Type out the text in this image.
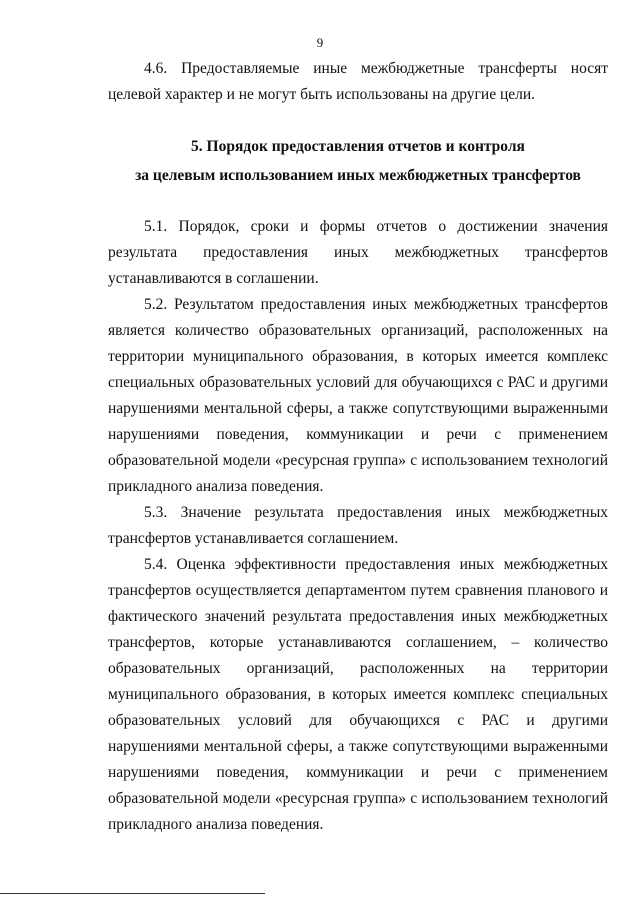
9

4.6. Предоставляемые иные межбюджетные трансферты носят целевой характер и не могут быть использованы на другие цели.

5. Порядок предоставления отчетов и контроля
за целевым использованием иных межбюджетных трансфертов

5.1. Порядок, сроки и формы отчетов о достижении значения результата предоставления иных межбюджетных трансфертов устанавливаются в соглашении.

5.2. Результатом предоставления иных межбюджетных трансфертов является количество образовательных организаций, расположенных на территории муниципального образования, в которых имеется комплекс специальных образовательных условий для обучающихся с РАС и другими нарушениями ментальной сферы, а также сопутствующими выраженными нарушениями поведения, коммуникации и речи с применением образовательной модели «ресурсная группа» с использованием технологий прикладного анализа поведения.

5.3. Значение результата предоставления иных межбюджетных трансфертов устанавливается соглашением.

5.4. Оценка эффективности предоставления иных межбюджетных трансфертов осуществляется департаментом путем сравнения планового и фактического значений результата предоставления иных межбюджетных трансфертов, которые устанавливаются соглашением, – количество образовательных организаций, расположенных на территории муниципального образования, в которых имеется комплекс специальных образовательных условий для обучающихся с РАС и другими нарушениями ментальной сферы, а также сопутствующими выраженными нарушениями поведения, коммуникации и речи с применением образовательной модели «ресурсная группа» с использованием технологий прикладного анализа поведения.
